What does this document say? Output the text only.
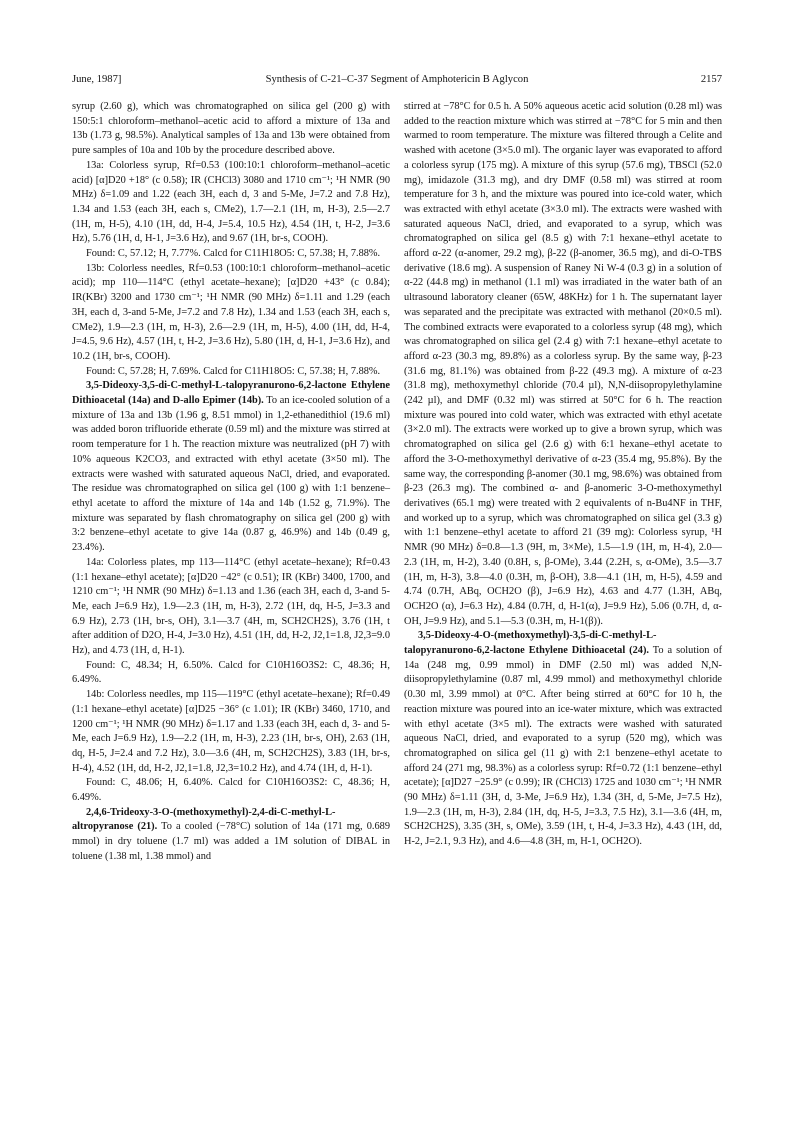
June, 1987]	Synthesis of C-21–C-37 Segment of Amphotericin B Aglycon	2157

syrup (2.60 g), which was chromatographed on silica gel (200 g) with 150:5:1 chloroform–methanol–acetic acid to afford a mixture of 13a and 13b (1.73 g, 98.5%). Analytical samples of 13a and 13b were obtained from pure samples of 10a and 10b by the procedure described above.

13a: Colorless syrup, Rf=0.53 (100:10:1 chloroform–methanol–acetic acid) [α]D20 +18° (c 0.58); IR (CHCl3) 3080 and 1710 cm⁻¹; ¹H NMR (90 MHz) δ=1.09 and 1.22 (each 3H, each d, 3 and 5-Me, J=7.2 and 7.8 Hz), 1.34 and 1.53 (each 3H, each s, CMe2), 1.7—2.1 (1H, m, H-3), 2.5—2.7 (1H, m, H-5), 4.10 (1H, dd, H-4, J=5.4, 10.5 Hz), 4.54 (1H, t, H-2, J=3.6 Hz), 5.76 (1H, d, H-1, J=3.6 Hz), and 9.67 (1H, br-s, COOH).

Found: C, 57.12; H, 7.77%. Calcd for C11H18O5: C, 57.38; H, 7.88%.

13b: Colorless needles, Rf=0.53 (100:10:1 chloroform–methanol–acetic acid); mp 110—114°C (ethyl acetate–hexane); [α]D20 +43° (c 0.84); IR(KBr) 3200 and 1730 cm⁻¹; ¹H NMR (90 MHz) δ=1.11 and 1.29 (each 3H, each d, 3-and 5-Me, J=7.2 and 7.8 Hz), 1.34 and 1.53 (each 3H, each s, CMe2), 1.9—2.3 (1H, m, H-3), 2.6—2.9 (1H, m, H-5), 4.00 (1H, dd, H-4, J=4.5, 9.6 Hz), 4.57 (1H, t, H-2, J=3.6 Hz), 5.80 (1H, d, H-1, J=3.6 Hz), and 10.2 (1H, br-s, COOH).

Found: C, 57.28; H, 7.69%. Calcd for C11H18O5: C, 57.38; H, 7.88%.

3,5-Dideoxy-3,5-di-C-methyl-L-talopyranurono-6,2-lactone Ethylene Dithioacetal (14a) and D-allo Epimer (14b). To an ice-cooled solution of a mixture of 13a and 13b (1.96 g, 8.51 mmol) in 1,2-ethanedithiol (19.6 ml) was added boron trifluoride etherate (0.59 ml) and the mixture was stirred at room temperature for 1 h. The reaction mixture was neutralized (pH 7) with 10% aqueous K2CO3, and extracted with ethyl acetate (3×50 ml). The extracts were washed with saturated aqueous NaCl, dried, and evaporated. The residue was chromatographed on silica gel (100 g) with 1:1 benzene–ethyl acetate to afford the mixture of 14a and 14b (1.52 g, 71.9%). The mixture was separated by flash chromatography on silica gel (200 g) with 3:2 benzene–ethyl acetate to give 14a (0.87 g, 46.9%) and 14b (0.49 g, 23.4%).

14a: Colorless plates, mp 113—114°C (ethyl acetate–hexane); Rf=0.43 (1:1 hexane–ethyl acetate); [α]D20 −42° (c 0.51); IR (KBr) 3400, 1700, and 1210 cm⁻¹; ¹H NMR (90 MHz) δ=1.13 and 1.36 (each 3H, each d, 3-and 5-Me, each J=6.9 Hz), 1.9—2.3 (1H, m, H-3), 2.72 (1H, dq, H-5, J=3.3 and 6.9 Hz), 2.73 (1H, br-s, OH), 3.1—3.7 (4H, m, SCH2CH2S), 3.76 (1H, t after addition of D2O, H-4, J=3.0 Hz), 4.51 (1H, dd, H-2, J2,1=1.8, J2,3=9.0 Hz), and 4.73 (1H, d, H-1).

Found: C, 48.34; H, 6.50%. Calcd for C10H16O3S2: C, 48.36; H, 6.49%.

14b: Colorless needles, mp 115—119°C (ethyl acetate–hexane); Rf=0.49 (1:1 hexane–ethyl acetate) [α]D25 −36° (c 1.01); IR (KBr) 3460, 1710, and 1200 cm⁻¹; ¹H NMR (90 MHz) δ=1.17 and 1.33 (each 3H, each d, 3- and 5-Me, each J=6.9 Hz), 1.9—2.2 (1H, m, H-3), 2.23 (1H, br-s, OH), 2.63 (1H, dq, H-5, J=2.4 and 7.2 Hz), 3.0—3.6 (4H, m, SCH2CH2S), 3.83 (1H, br-s, H-4), 4.52 (1H, dd, H-2, J2,1=1.8, J2,3=10.2 Hz), and 4.74 (1H, d, H-1).

Found: C, 48.06; H, 6.40%. Calcd for C10H16O3S2: C, 48.36; H, 6.49%.

2,4,6-Trideoxy-3-O-(methoxymethyl)-2,4-di-C-methyl-L-altropyranose (21). To a cooled (−78°C) solution of 14a (171 mg, 0.689 mmol) in dry toluene (1.7 ml) was added a 1M solution of DIBAL in toluene (1.38 ml, 1.38 mmol) and

stirred at −78°C for 0.5 h. A 50% aqueous acetic acid solution (0.28 ml) was added to the reaction mixture which was stirred at −78°C for 5 min and then warmed to room temperature. The mixture was filtered through a Celite and washed with acetone (3×5.0 ml). The organic layer was evaporated to afford a colorless syrup (175 mg). A mixture of this syrup (57.6 mg), TBSCl (52.0 mg), imidazole (31.3 mg), and dry DMF (0.58 ml) was stirred at room temperature for 3 h, and the mixture was poured into ice-cold water, which was extracted with ethyl acetate (3×3.0 ml). The extracts were washed with saturated aqueous NaCl, dried, and evaporated to a syrup, which was chromatographed on silica gel (8.5 g) with 7:1 hexane–ethyl acetate to afford α-22 (α-anomer, 29.2 mg), β-22 (β-anomer, 36.5 mg), and di-O-TBS derivative (18.6 mg). A suspension of Raney Ni W-4 (0.3 g) in a solution of α-22 (44.8 mg) in methanol (1.1 ml) was irradiated in the water bath of an ultrasound laboratory cleaner (65W, 48KHz) for 1 h. The supernatant layer was separated and the precipitate was extracted with methanol (20×0.5 ml). The combined extracts were evaporated to a colorless syrup (48 mg), which was chromatographed on silica gel (2.4 g) with 7:1 hexane–ethyl acetate to afford α-23 (30.3 mg, 89.8%) as a colorless syrup. By the same way, β-23 (31.6 mg, 81.1%) was obtained from β-22 (49.3 mg). A mixture of α-23 (31.8 mg), methoxymethyl chloride (70.4 µl), N,N-diisopropylethylamine (242 µl), and DMF (0.32 ml) was stirred at 50°C for 6 h. The reaction mixture was poured into cold water, which was extracted with ethyl acetate (3×2.0 ml). The extracts were worked up to give a brown syrup, which was chromatographed on silica gel (2.6 g) with 6:1 hexane–ethyl acetate to afford the 3-O-methoxymethyl derivative of α-23 (35.4 mg, 95.8%). By the same way, the corresponding β-anomer (30.1 mg, 98.6%) was obtained from β-23 (26.3 mg). The combined α- and β-anomeric 3-O-methoxymethyl derivatives (65.1 mg) were treated with 2 equivalents of n-Bu4NF in THF, and worked up to a syrup, which was chromatographed on silica gel (3.3 g) with 1:1 benzene–ethyl acetate to afford 21 (39 mg): Colorless syrup, ¹H NMR (90 MHz) δ=0.8—1.3 (9H, m, 3×Me), 1.5—1.9 (1H, m, H-4), 2.0—2.3 (1H, m, H-2), 3.40 (0.8H, s, β-OMe), 3.44 (2.2H, s, α-OMe), 3.5—3.7 (1H, m, H-3), 3.8—4.0 (0.3H, m, β-OH), 3.8—4.1 (1H, m, H-5), 4.59 and 4.74 (0.7H, ABq, OCH2O (β), J=6.9 Hz), 4.63 and 4.77 (1.3H, ABq, OCH2O (α), J=6.3 Hz), 4.84 (0.7H, d, H-1(α), J=9.9 Hz), 5.06 (0.7H, d, α-OH, J=9.9 Hz), and 5.1—5.3 (0.3H, m, H-1(β)).

3,5-Dideoxy-4-O-(methoxymethyl)-3,5-di-C-methyl-L-talopyranurono-6,2-lactone Ethylene Dithioacetal (24). To a solution of 14a (248 mg, 0.99 mmol) in DMF (2.50 ml) was added N,N-diisopropylethylamine (0.87 ml, 4.99 mmol) and methoxymethyl chloride (0.30 ml, 3.99 mmol) at 0°C. After being stirred at 60°C for 10 h, the reaction mixture was poured into an ice-water mixture, which was extracted with ethyl acetate (3×5 ml). The extracts were washed with saturated aqueous NaCl, dried, and evaporated to a syrup (520 mg), which was chromatographed on silica gel (11 g) with 2:1 benzene–ethyl acetate to afford 24 (271 mg, 98.3%) as a colorless syrup: Rf=0.72 (1:1 benzene–ethyl acetate); [α]D27 −25.9° (c 0.99); IR (CHCl3) 1725 and 1030 cm⁻¹; ¹H NMR (90 MHz) δ=1.11 (3H, d, 3-Me, J=6.9 Hz), 1.34 (3H, d, 5-Me, J=7.5 Hz), 1.9—2.3 (1H, m, H-3), 2.84 (1H, dq, H-5, J=3.3, 7.5 Hz), 3.1—3.6 (4H, m, SCH2CH2S), 3.35 (3H, s, OMe), 3.59 (1H, t, H-4, J=3.3 Hz), 4.43 (1H, dd, H-2, J=2.1, 9.3 Hz), and 4.6—4.8 (3H, m, H-1, OCH2O).
